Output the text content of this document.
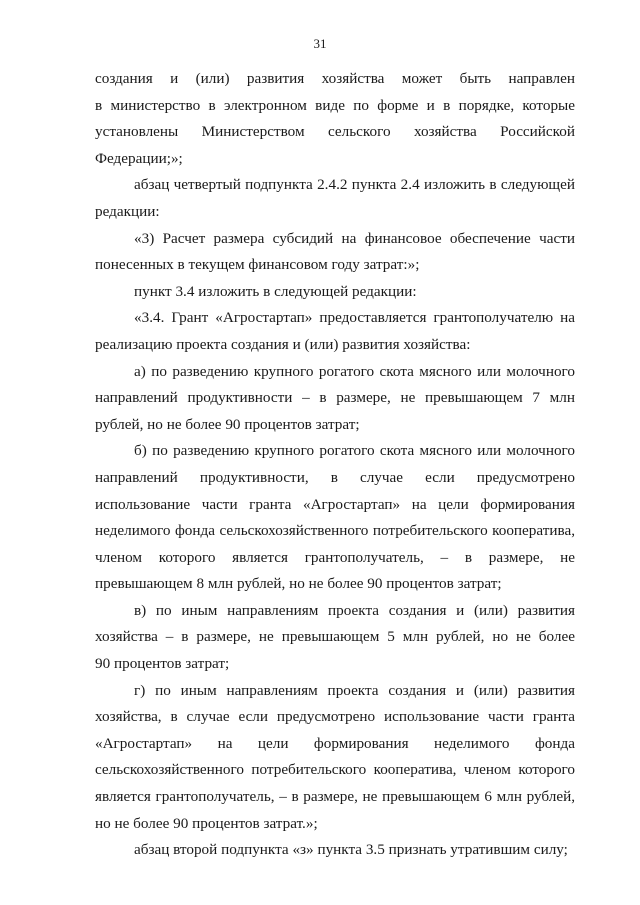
31
создания и (или) развития хозяйства может быть направлен
в министерство в электронном виде по форме и в порядке, которые
установлены Министерством сельского хозяйства Российской
Федерации;»;
абзац четвертый подпункта 2.4.2 пункта 2.4 изложить в следующей
редакции:
«3) Расчет размера субсидий на финансовое обеспечение части
понесенных в текущем финансовом году затрат:»;
пункт 3.4 изложить в следующей редакции:
«3.4. Грант «Агростартап» предоставляется грантополучателю на
реализацию проекта создания и (или) развития хозяйства:
а) по разведению крупного рогатого скота мясного или молочного
направлений продуктивности – в размере, не превышающем 7 млн
рублей, но не более 90 процентов затрат;
б) по разведению крупного рогатого скота мясного или молочного
направлений продуктивности, в случае если предусмотрено
использование части гранта «Агростартап» на цели формирования
неделимого фонда сельскохозяйственного потребительского кооператива,
членом которого является грантополучатель, – в размере, не
превышающем 8 млн рублей, но не более 90 процентов затрат;
в) по иным направлениям проекта создания и (или) развития
хозяйства – в размере, не превышающем 5 млн рублей, но не более
90 процентов затрат;
г) по иным направлениям проекта создания и (или) развития
хозяйства, в случае если предусмотрено использование части гранта
«Агростартап» на цели формирования неделимого фонда
сельскохозяйственного потребительского кооператива, членом которого
является грантополучатель, – в размере, не превышающем 6 млн рублей,
но не более 90 процентов затрат.»;
абзац второй подпункта «з» пункта 3.5 признать утратившим силу;
